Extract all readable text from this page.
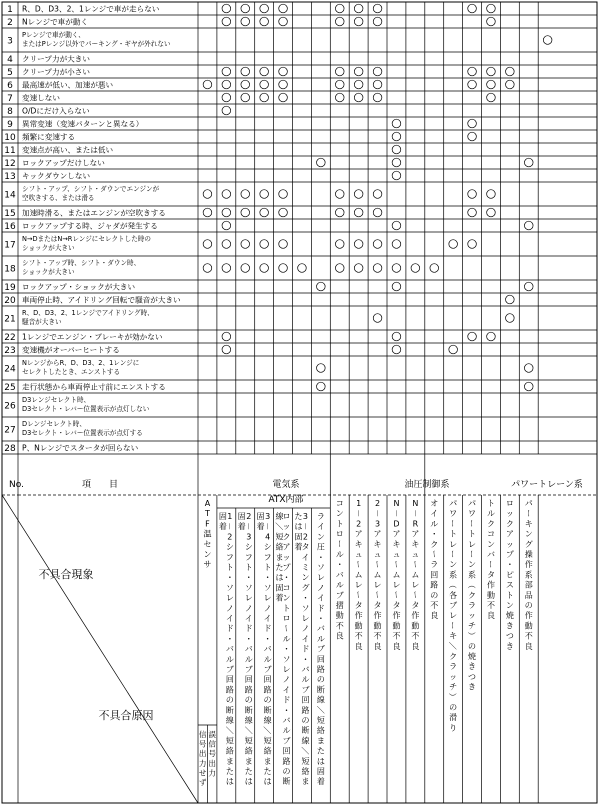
1 R、D、D3、2、1レンジで車が走らない
2 Nレンジで車が動く
3
Pレンジで車が動く、
またはPレンジ以外でパーキング・ギヤが外れない
4 クリープ力が大きい
5 クリープ力が小さい
6 最高速が低い、加速が悪い
7 変速しない
8 O/Dにだけ入らない
9 異常変速（変速パターンと異なる）
10 頻繁に変速する
11 変速点が高い、または低い
12 ロックアップだけしない
13 キックダウンしない
14
シフト・アップ、シフト・ダウンでエンジンが
空吹きする、または滑る
15 加速時滑る、またはエンジンが空吹きする
16 ロックアップする時、ジャダが発生する
17
N→DまたはN→Rレンジにセレクトした時の
ショックが大きい
18
シフト・アップ時、シフト・ダウン時、
ショックが大きい
19 ロックアップ・ショックが大きい
20 車両停止時、アイドリング回転で騒音が大きい
21
R、D、D3、2、1レンジでアイドリング時、
騒音が大きい
22 1レンジでエンジン・ブレーキが効かない
23 変速機がオーバーヒートする
24
NレンジからR、D、D3、2、1レンジに
セレクトしたとき、エンストする
25 走行状態から車両停止寸前にエンストする
26
D3レンジセレクト時、
D3セレクト・レバー位置表示が点灯しない
27
Dレンジセレクト時、
D3セレクト・レバー位置表示が点灯する
28 P、Nレンジでスタータが回らない
No.	項　　目
不具合現象
不具合原因
電気系
ATX内部
油圧制御系	パワートレーン系
A
T
F
温
セ
ン
サ
1
－
2
シ
フ
ト
・
ソ
レ
ノ
イ
ド
・
バ
ル
ブ
回
路
の
断
線
／
短
絡
ま
た
は
固
着
2
－
3
シ
フ
ト
・
ソ
レ
ノ
イ
ド
・
バ
ル
ブ
回
路
の
断
線
／
短
絡
ま
た
は
固
着
3
－
4
シ
フ
ト
・
ソ
レ
ノ
イ
ド
・
バ
ル
ブ
回
路
の
断
線
／
短
絡
ま
た
は
固
着
ロ
ッ
ク
ア
ッ
プ
・
コ
ン
ト
ロ
ー
ル
・
ソ
レ
ノ
イ
ド
・
バ
ル
ブ
回
路
の
断
線
／
短
絡
ま
た
は
固
着
3
－
2
タ
イ
ミ
ン
グ
・
ソ
レ
ノ
イ
ド
・
バ
ル
ブ
回
路
の
断
線
／
短
絡
ま
た
は
固
着
ラ
イ
ン
圧
・
ソ
レ
ノ
イ
ド
・
バ
ル
ブ
回
路
の
断
線
／
短
絡
ま
た
は
固
着
コ
ン
ト
ロ
ー
ル
・
バ
ル
ブ
摺
動
不
良
1
－
2
ア
キ
ュ
ー
ム
レ
ー
タ
作
動
不
良
2
－
3
ア
キ
ュ
ー
ム
レ
ー
タ
作
動
不
良
N
－
D
ア
キ
ュ
ー
ム
レ
ー
タ
作
動
不
良
N
－
R
ア
キ
ュ
ー
ム
レ
ー
タ
作
動
不
良
オ
イ
ル
・
ク
ー
ラ
回
路
の
不
良
パ
ワ
ー
ト
レ
ー
ン
系
（
各
ブ
レ
ー
キ
／
ク
ラ
ッ
チ
）
の
滑
り
パ
ワ
ー
ト
レ
ー
ン
系
（
ク
ラ
ッ
チ
）
の
焼
き
つ
き
ト
ル
ク
コ
ン
バ
ー
タ
作
動
不
良
ロ
ッ
ク
ア
ッ
プ
・
ピ
ス
ト
ン
焼
き
つ
き
パ
ー
キ
ン
グ
操
作
系
部
品
の
作
動
不
良
信
号
出
力
せ
ず
誤
信
号
出
力
